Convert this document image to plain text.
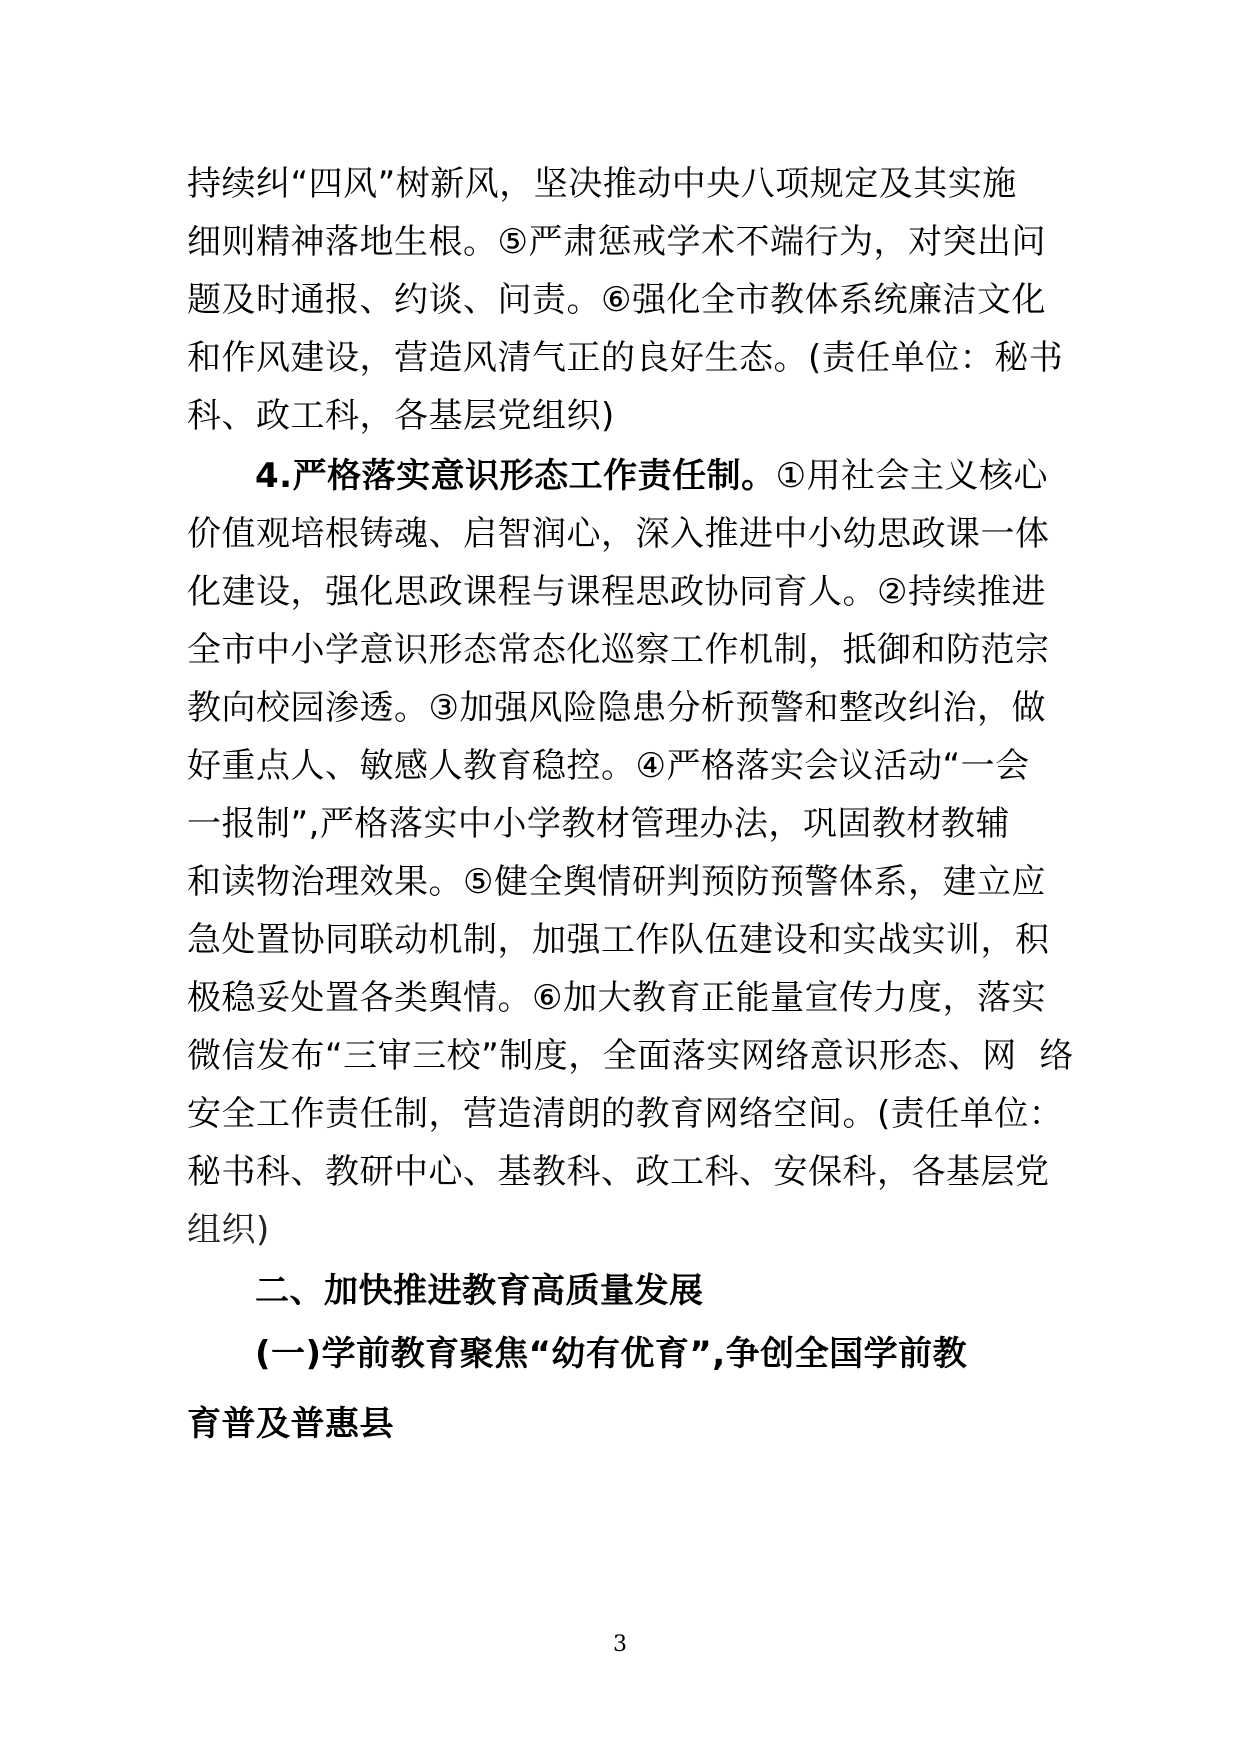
持续纠“四风”树新风，坚决推动中央八项规定及其实施
细则精神落地生根。⑤严肃惩戒学术不端行为，对突出问
题及时通报、约谈、问责。⑥强化全市教体系统廉洁文化
和作风建设，营造风清气正的良好生态。(责任单位：秘书
科、政工科，各基层党组织)
4.严格落实意识形态工作责任制。①用社会主义核心
价值观培根铸魂、启智润心，深入推进中小幼思政课一体
化建设，强化思政课程与课程思政协同育人。②持续推进
全市中小学意识形态常态化巡察工作机制，抵御和防范宗
教向校园渗透。③加强风险隐患分析预警和整改纠治，做
好重点人、敏感人教育稳控。④严格落实会议活动“一会
一报制”,严格落实中小学教材管理办法，巩固教材教辅
和读物治理效果。⑤健全舆情研判预防预警体系，建立应
急处置协同联动机制，加强工作队伍建设和实战实训，积
极稳妥处置各类舆情。⑥加大教育正能量宣传力度，落实
微信发布“三审三校”制度，全面落实网络意识形态、网  络
安全工作责任制，营造清朗的教育网络空间。(责任单位：
秘书科、教研中心、基教科、政工科、安保科，各基层党
组织)
二、加快推进教育高质量发展
(一)学前教育聚焦“幼有优育”,争创全国学前教
育普及普惠县
3
